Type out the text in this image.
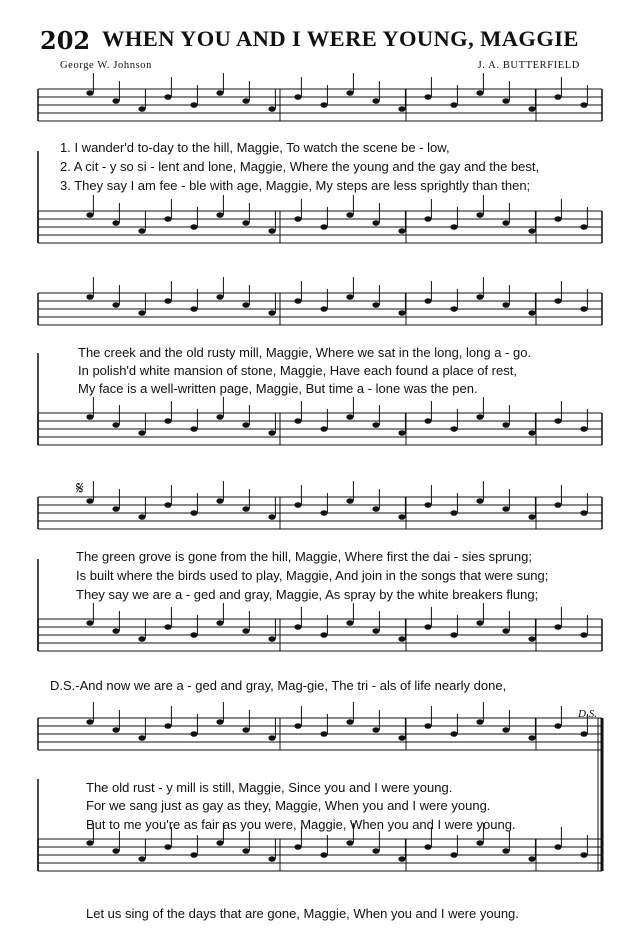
202 WHEN YOU AND I WERE YOUNG, MAGGIE
George W. Johnson	J. A. BUTTERFIELD
𝄋
D.S.
1. I wander'd to-day to the hill, Maggie, To watch the scene be - low,
2. A cit - y so si - lent and lone, Maggie, Where the young and the gay and the best,
3. They say I am fee - ble with age, Maggie, My steps are less sprightly than then;
The creek and the old rusty mill, Maggie, Where we sat in the long, long a - go.
In polish'd white mansion of stone, Maggie, Have each found a place of rest,
My face is a well-written page, Maggie, But time a - lone was the pen.
The green grove is gone from the hill, Maggie, Where first the dai - sies sprung;
Is built where the birds used to play, Maggie, And join in the songs that were sung;
They say we are a - ged and gray, Maggie, As spray by the white breakers flung;
D.S.-And now we are a - ged and gray, Mag-gie, The tri - als of life nearly done,
The old rust - y mill is still, Maggie, Since you and I were young.
For we sang just as gay as they, Maggie, When you and I were young.
But to me you're as fair as you were, Maggie, When you and I were young.
Let us sing of the days that are gone, Maggie, When you and I were young.
